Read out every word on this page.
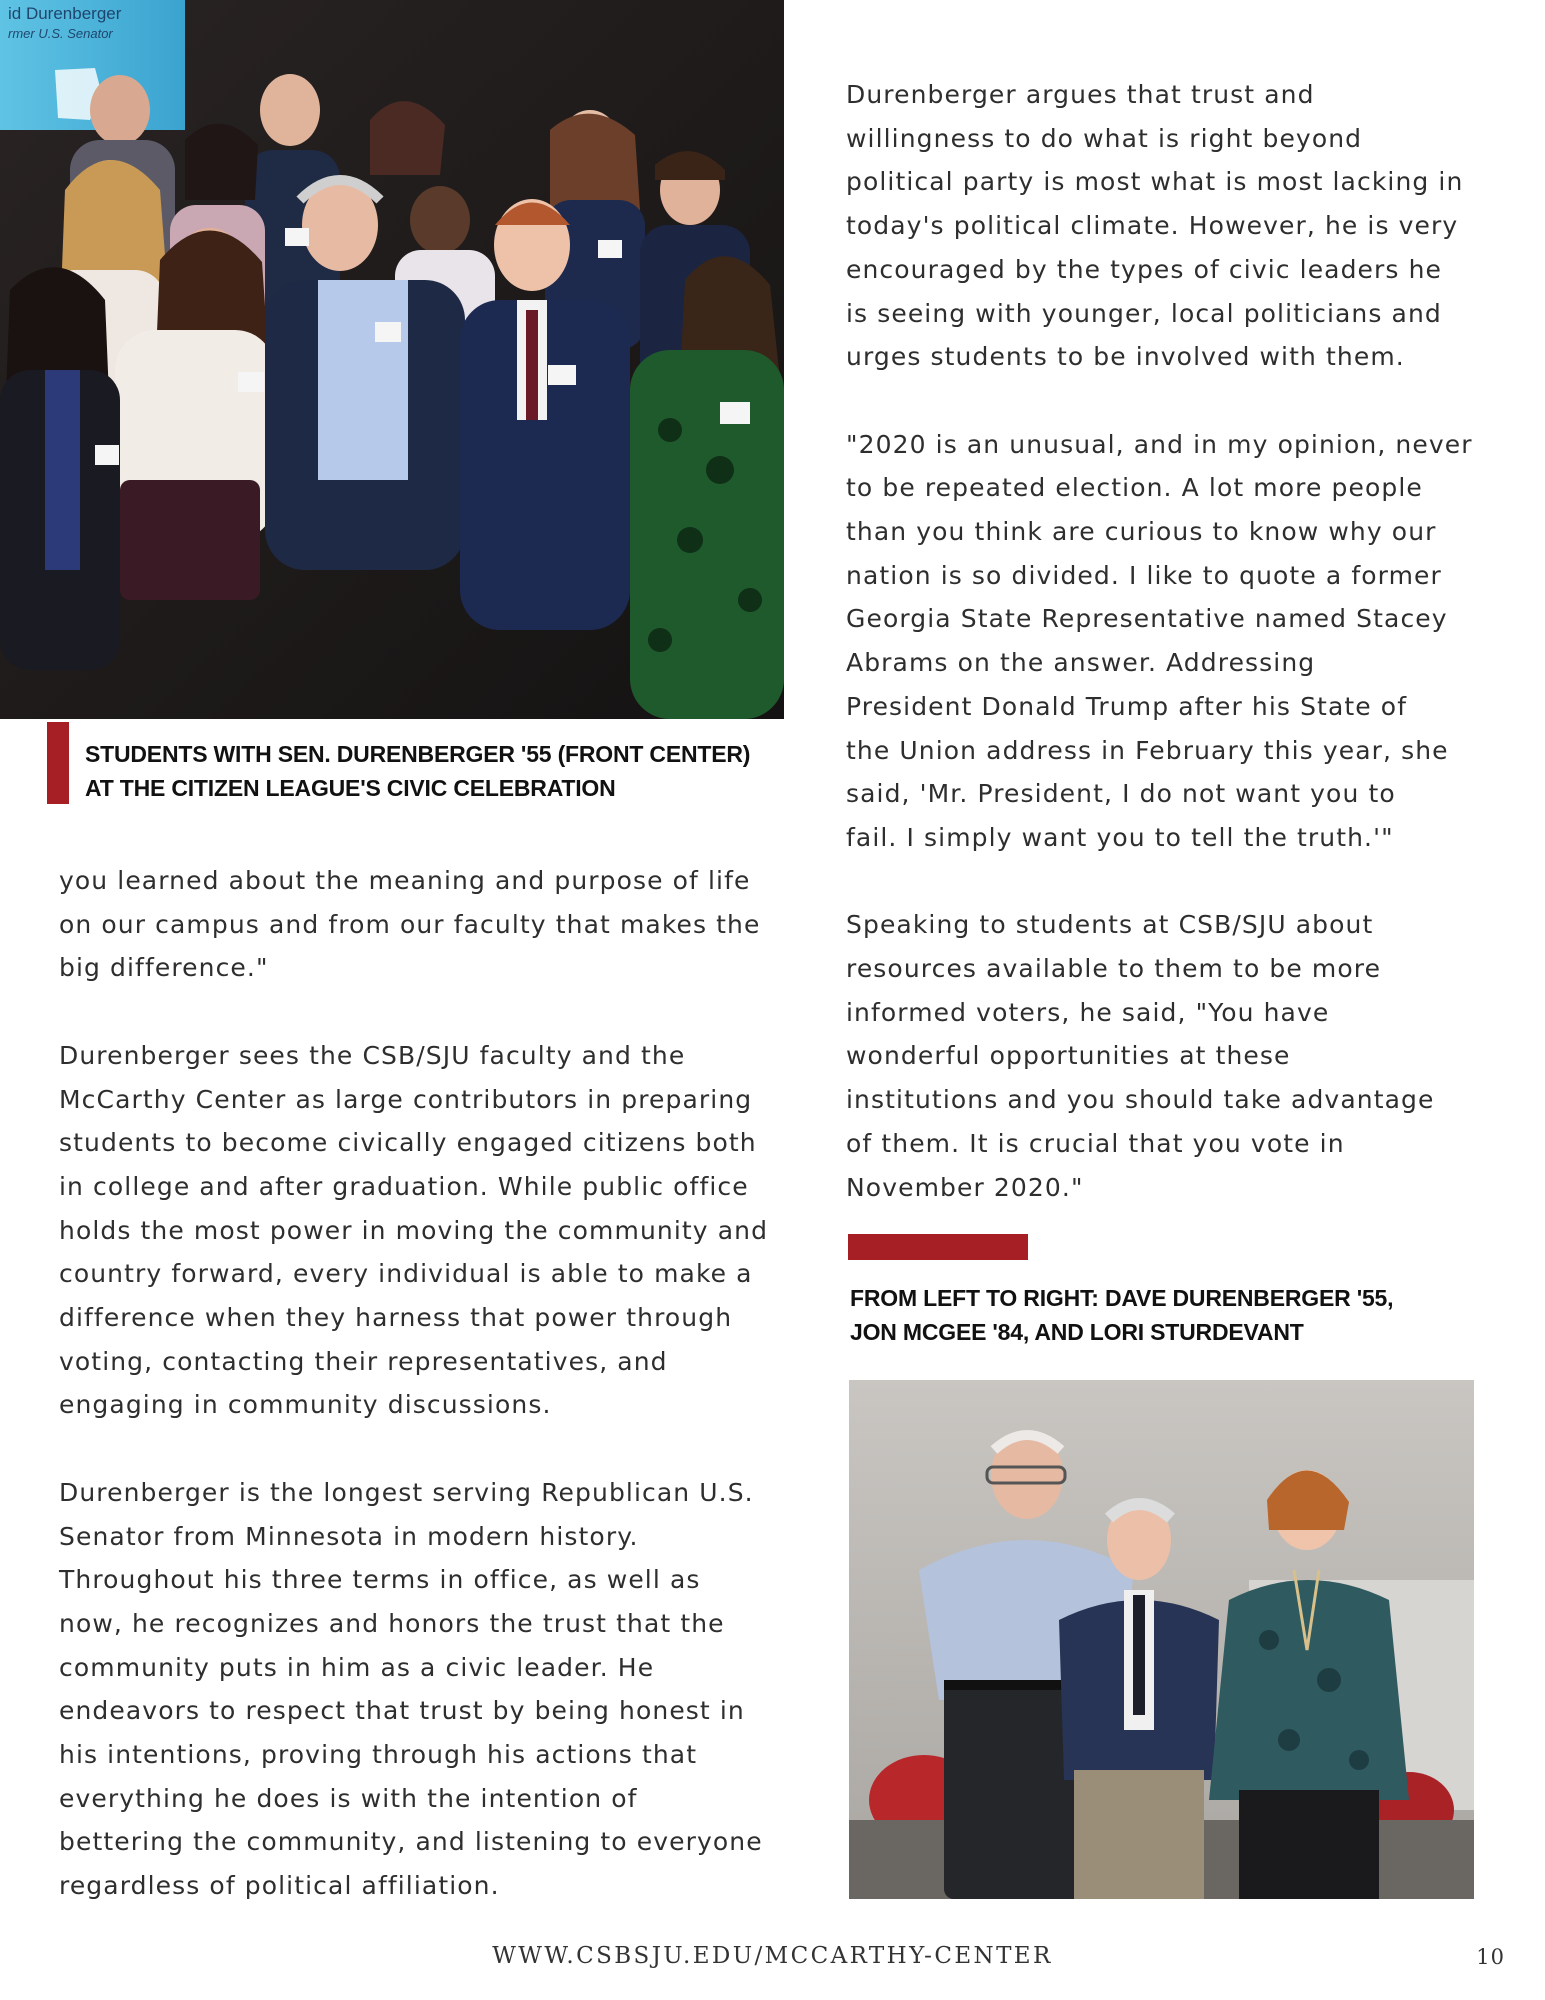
id Durenberger
rmer U.S. Senator
STUDENTS WITH SEN. DURENBERGER '55 (FRONT CENTER)
AT THE CITIZEN LEAGUE'S CIVIC CELEBRATION

you learned about the meaning and purpose of life
on our campus and from our faculty that makes the
big difference."

Durenberger sees the CSB/SJU faculty and the
McCarthy Center as large contributors in preparing
students to become civically engaged citizens both
in college and after graduation. While public office
holds the most power in moving the community and
country forward, every individual is able to make a
difference when they harness that power through
voting, contacting their representatives, and
engaging in community discussions.

Durenberger is the longest serving Republican U.S.
Senator from Minnesota in modern history.
Throughout his three terms in office, as well as
now, he recognizes and honors the trust that the
community puts in him as a civic leader. He
endeavors to respect that trust by being honest in
his intentions, proving through his actions that
everything he does is with the intention of
bettering the community, and listening to everyone
regardless of political affiliation.

Durenberger argues that trust and
willingness to do what is right beyond
political party is most what is most lacking in
today's political climate. However, he is very
encouraged by the types of civic leaders he
is seeing with younger, local politicians and
urges students to be involved with them.

"2020 is an unusual, and in my opinion, never
to be repeated election. A lot more people
than you think are curious to know why our
nation is so divided. I like to quote a former
Georgia State Representative named Stacey
Abrams on the answer. Addressing
President Donald Trump after his State of
the Union address in February this year, she
said, 'Mr. President, I do not want you to
fail. I simply want you to tell the truth.'"

Speaking to students at CSB/SJU about
resources available to them to be more
informed voters, he said, "You have
wonderful opportunities at these
institutions and you should take advantage
of them. It is crucial that you vote in
November 2020."

FROM LEFT TO RIGHT: DAVE DURENBERGER '55,
JON MCGEE '84, AND LORI STURDEVANT
WWW.CSBSJU.EDU/MCCARTHY-CENTER	10
